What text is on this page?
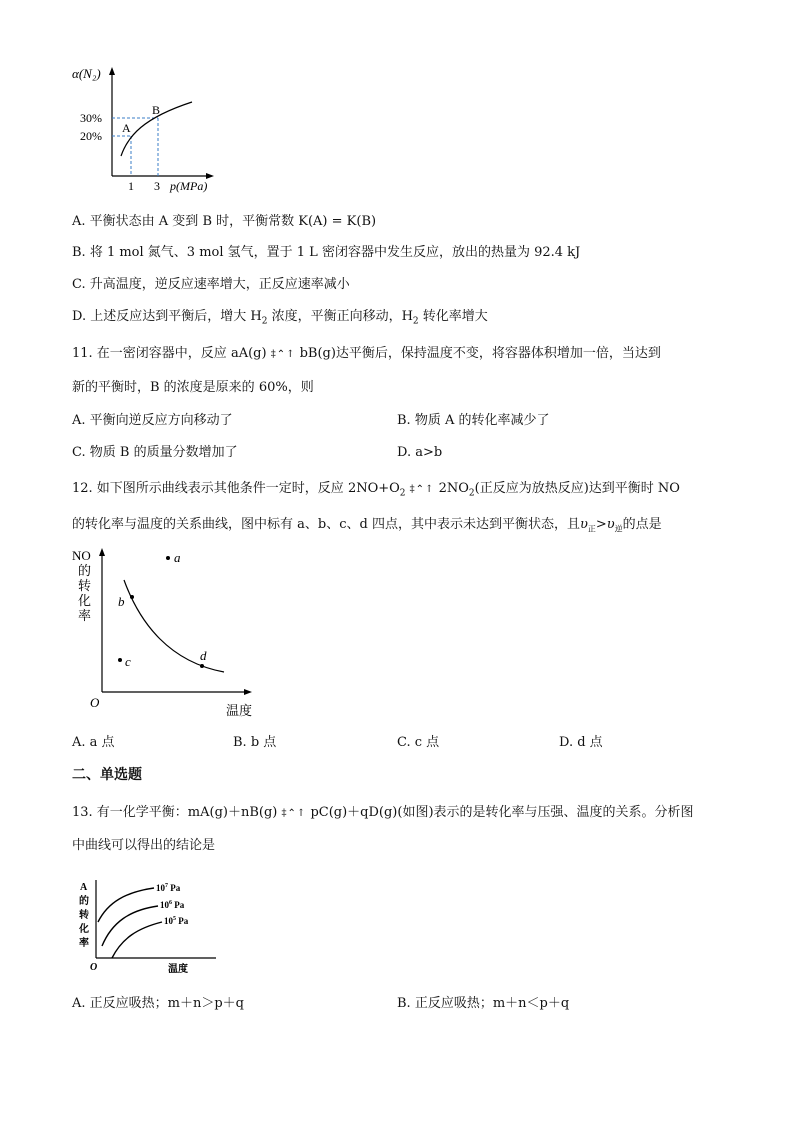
α(N₂)
30%
20%
1 3 p(MPa)
A
B
A. 平衡状态由 A 变到 B 时，平衡常数 K(A) = K(B)
B. 将 1 mol 氮气、3 mol 氢气，置于 1 L 密闭容器中发生反应，放出的热量为 92.4 kJ
C. 升高温度，逆反应速率增大，正反应速率减小
D. 上述反应达到平衡后，增大 $H_2$ 浓度，平衡正向移动，$H_2$ 转化率增大
11. 在一密闭容器中，反应 aA(g) ‡⌃↑ bB(g)达平衡后，保持温度不变，将容器体积增加一倍，当达到
新的平衡时，B 的浓度是原来的 60%，则
A. 平衡向逆反应方向移动了	B. 物质 A 的转化率减少了
C. 物质 B 的质量分数增加了	D. a>b
12. 如下图所示曲线表示其他条件一定时，反应 $2NO+O_2$ ‡⌃↑ $2NO_2$(正反应为放热反应)达到平衡时 NO
的转化率与温度的关系曲线，图中标有 a、b、c、d 四点，其中表示未达到平衡状态，且$\upsilon_正>\upsilon_逆$的点是
a
b
c	d
NO
的
转
化
率
O
温度
A. a 点	B. b 点	C. c 点	D. d 点
二、单选题
13. 有一化学平衡：mA(g)＋nB(g) ‡⌃↑ pC(g)＋qD(g)(如图)表示的是转化率与压强、温度的关系。分析图
中曲线可以得出的结论是
$10^7$ Pa
$10^6$ Pa
$10^5$ Pa
A
的
转
化
率
O	温度
A. 正反应吸热；m＋n＞p＋q	B. 正反应吸热；m＋n＜p＋q
